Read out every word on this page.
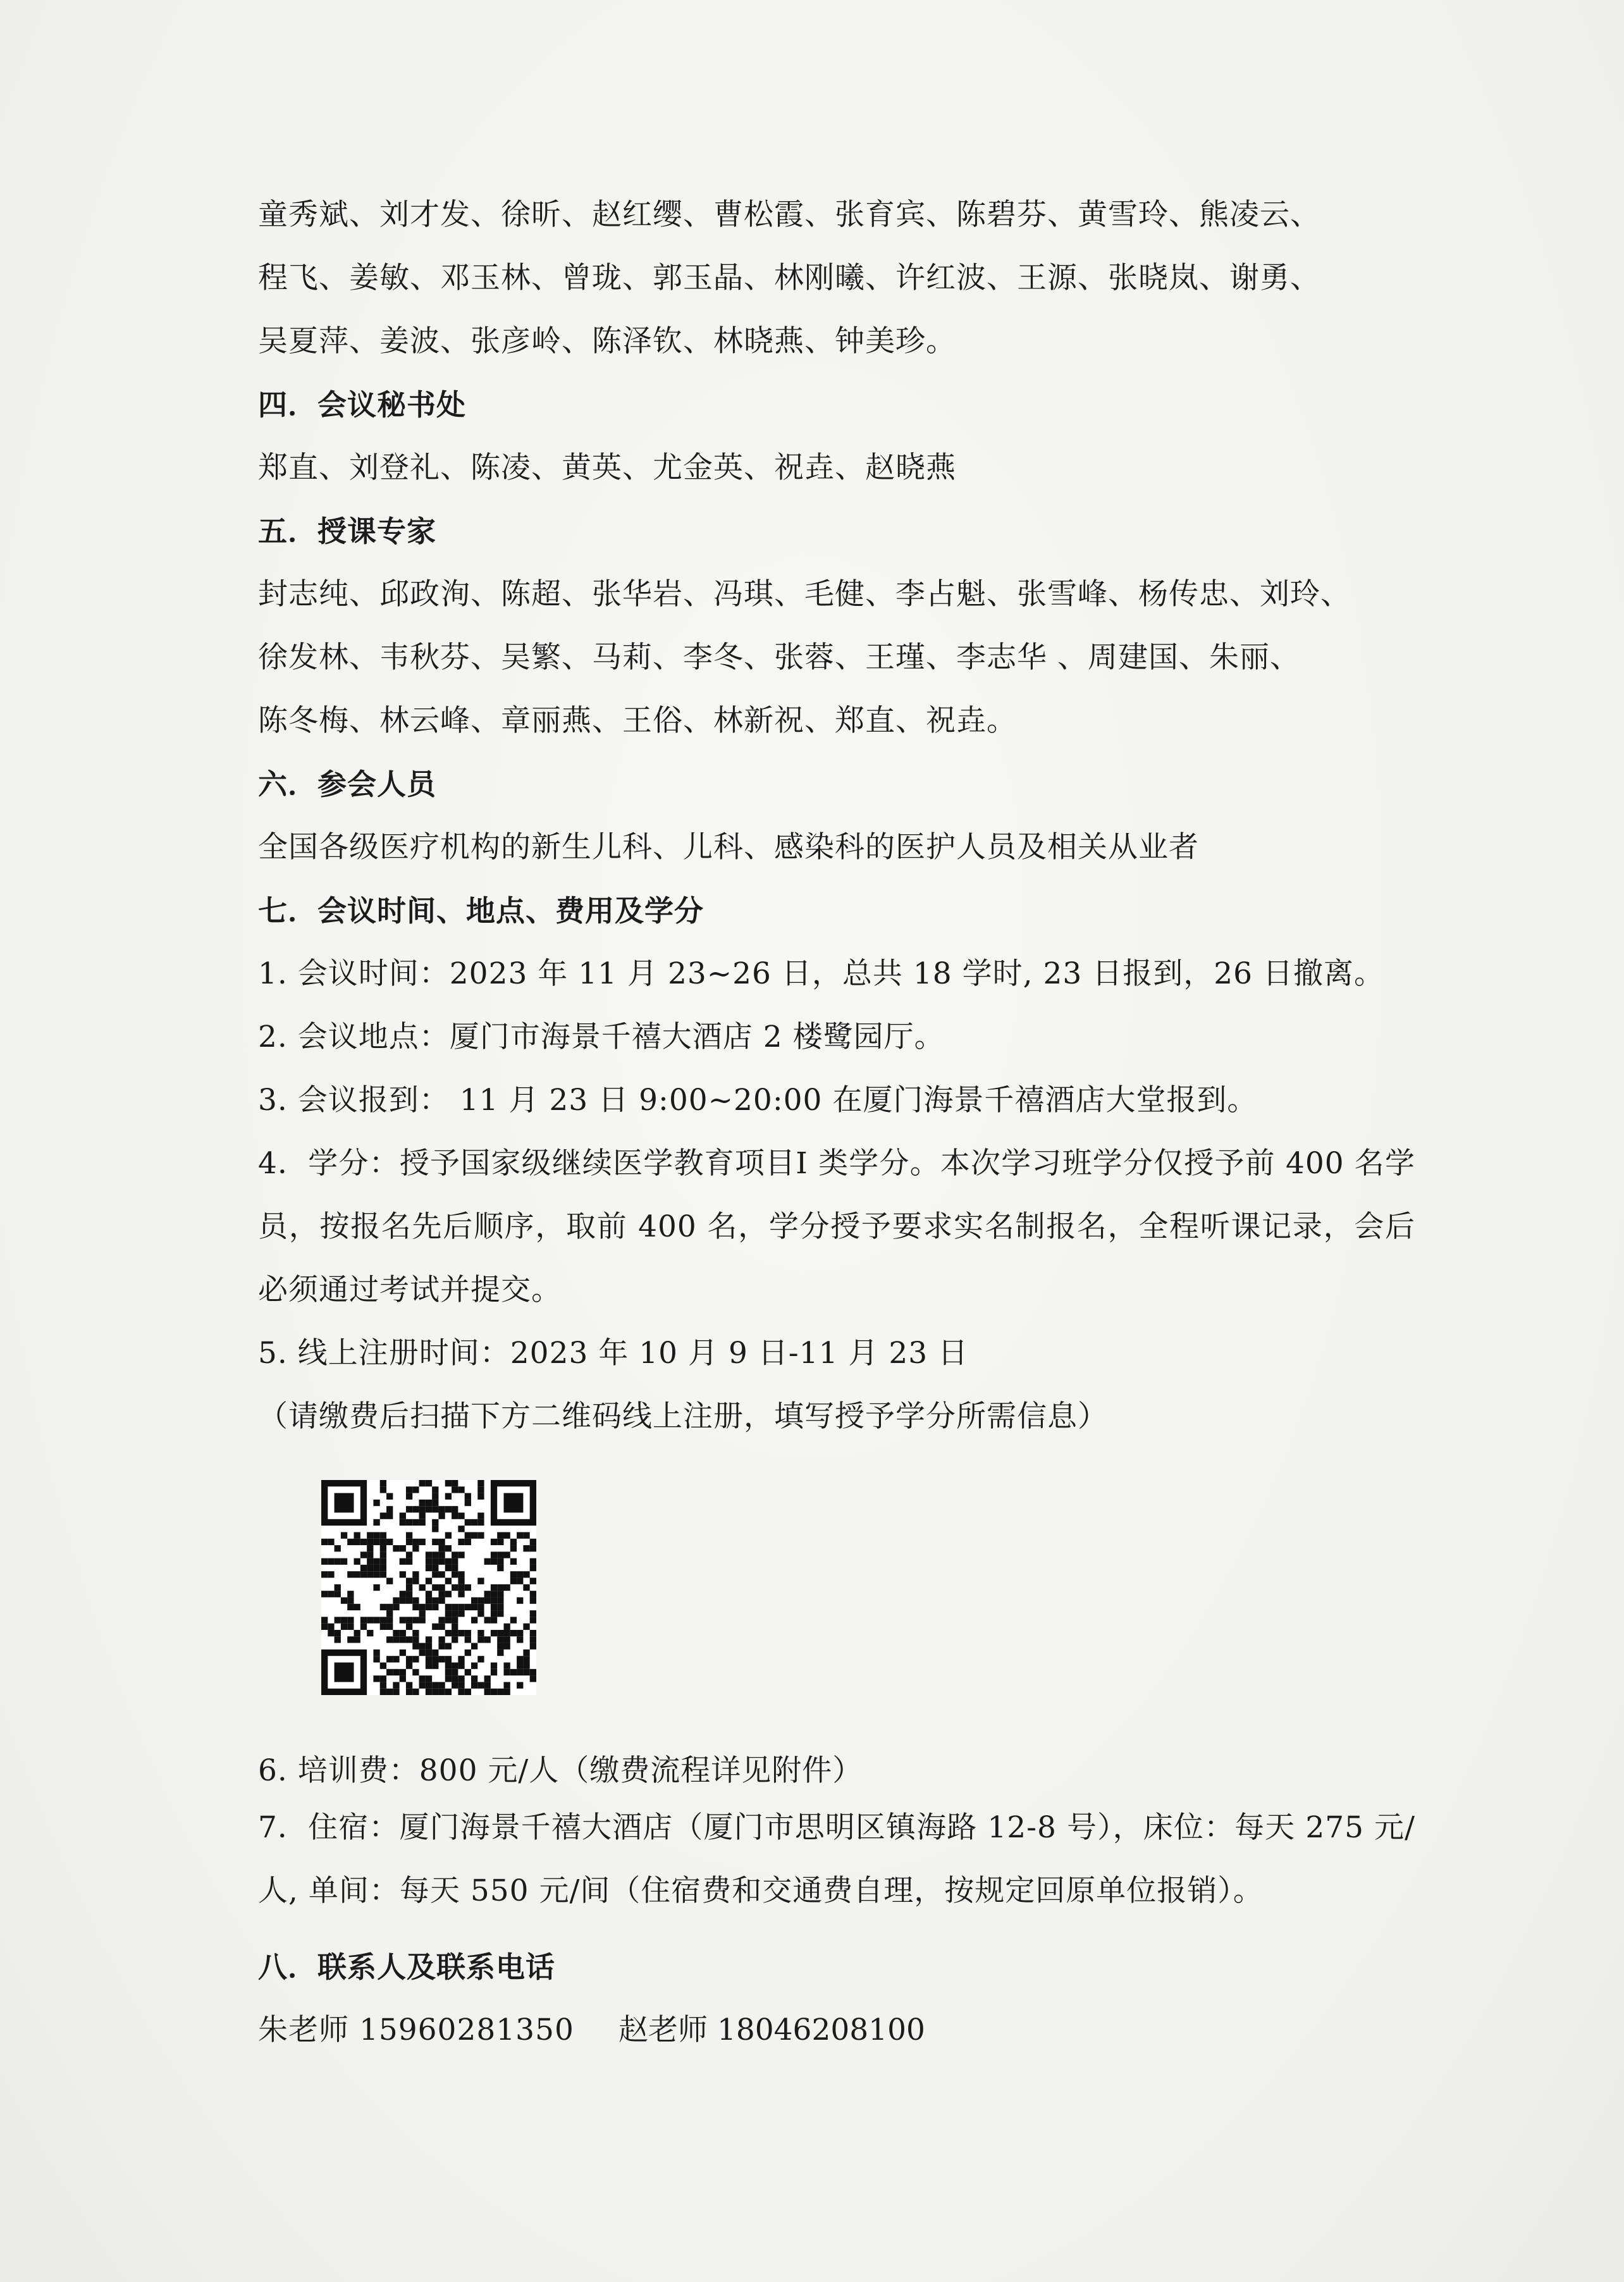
童秀斌、刘才发、徐昕、赵红缨、曹松霞、张育宾、陈碧芬、黄雪玲、熊凌云、
程飞、姜敏、邓玉林、曾珑、郭玉晶、林刚曦、许红波、王源、张晓岚、谢勇、
吴夏萍、姜波、张彦岭、陈泽钦、林晓燕、钟美珍。
四．会议秘书处
郑直、刘登礼、陈凌、黄英、尤金英、祝垚、赵晓燕
五．授课专家
封志纯、邱政洵、陈超、张华岩、冯琪、毛健、李占魁、张雪峰、杨传忠、刘玲、
徐发林、韦秋芬、吴繁、马莉、李冬、张蓉、王瑾、李志华 、周建国、朱丽、
陈冬梅、林云峰、章丽燕、王俗、林新祝、郑直、祝垚。
六．参会人员
全国各级医疗机构的新生儿科、儿科、感染科的医护人员及相关从业者
七．会议时间、地点、费用及学分
1. 会议时间：2023 年 11 月 23~26 日，总共 18 学时, 23 日报到，26 日撤离。
2. 会议地点：厦门市海景千禧大酒店 2 楼鹭园厅。
3. 会议报到： 11 月 23 日 9:00~20:00 在厦门海景千禧酒店大堂报到。
4．学分：授予国家级继续医学教育项目Ⅰ 类学分。本次学习班学分仅授予前 400 名学员，按报名先后顺序，取前 400 名，学分授予要求实名制报名，全程听课记录，会后必须通过考试并提交。
5. 线上注册时间：2023 年 10 月 9 日-11 月 23 日
（请缴费后扫描下方二维码线上注册，填写授予学分所需信息）
6. 培训费：800 元/人（缴费流程详见附件）
7．住宿：厦门海景千禧大酒店（厦门市思明区镇海路 12-8 号），床位：每天 275 元/人, 单间：每天 550 元/间（住宿费和交通费自理，按规定回原单位报销）。
八．联系人及联系电话
朱老师 15960281350 赵老师 18046208100
